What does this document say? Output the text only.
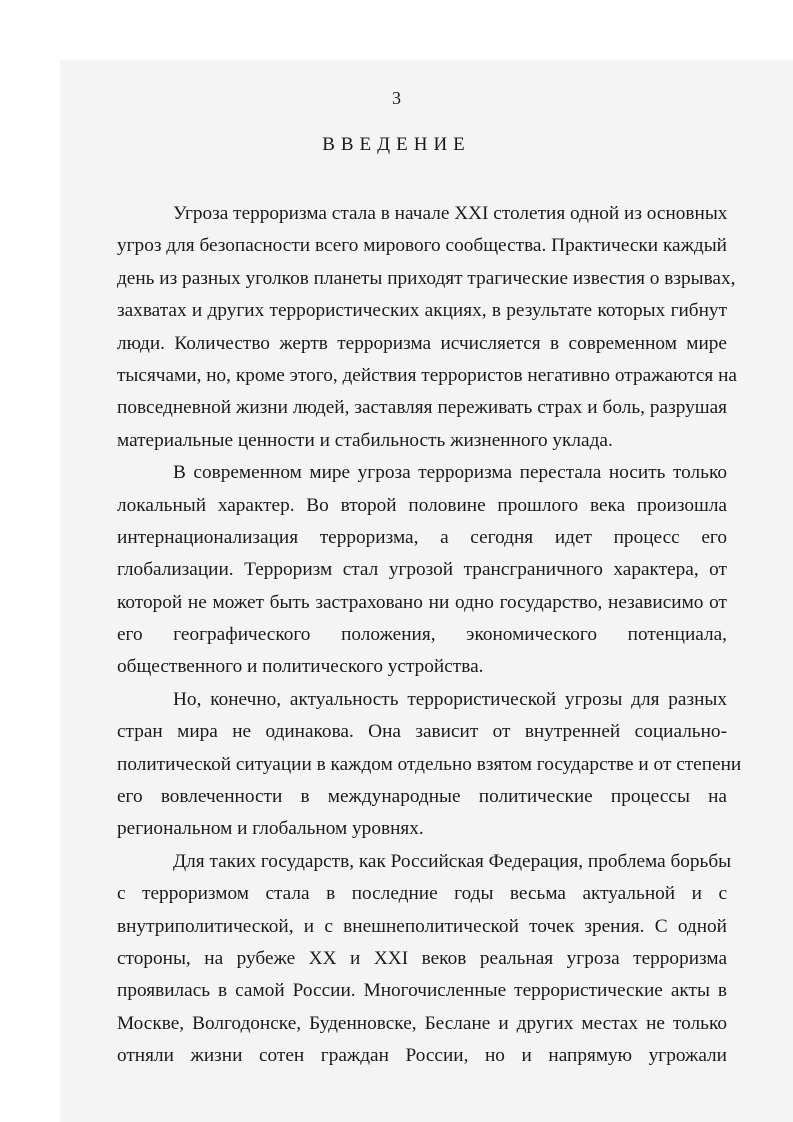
3
ВВЕДЕНИЕ
Угроза терроризма стала в начале XXI столетия одной из основных
угроз для безопасности всего мирового сообщества. Практически каждый
день из разных уголков планеты приходят трагические известия о взрывах,
захватах и других террористических акциях, в результате которых гибнут
люди. Количество жертв терроризма исчисляется в современном мире
тысячами, но, кроме этого, действия террористов негативно отражаются на
повседневной жизни людей, заставляя переживать страх и боль, разрушая
материальные ценности и стабильность жизненного уклада.
В современном мире угроза терроризма перестала носить только
локальный характер. Во второй половине прошлого века произошла
интернационализация терроризма, а сегодня идет процесс его
глобализации. Терроризм стал угрозой трансграничного характера, от
которой не может быть застраховано ни одно государство, независимо от
его географического положения, экономического потенциала,
общественного и политического устройства.
Но, конечно, актуальность террористической угрозы для разных
стран мира не одинакова. Она зависит от внутренней социально-
политической ситуации в каждом отдельно взятом государстве и от степени
его вовлеченности в международные политические процессы на
региональном и глобальном уровнях.
Для таких государств, как Российская Федерация, проблема борьбы
с терроризмом стала в последние годы весьма актуальной и с
внутриполитической, и с внешнеполитической точек зрения. С одной
стороны, на рубеже XX и XXI веков реальная угроза терроризма
проявилась в самой России. Многочисленные террористические акты в
Москве, Волгодонске, Буденновске, Беслане и других местах не только
отняли жизни сотен граждан России, но и напрямую угрожали
